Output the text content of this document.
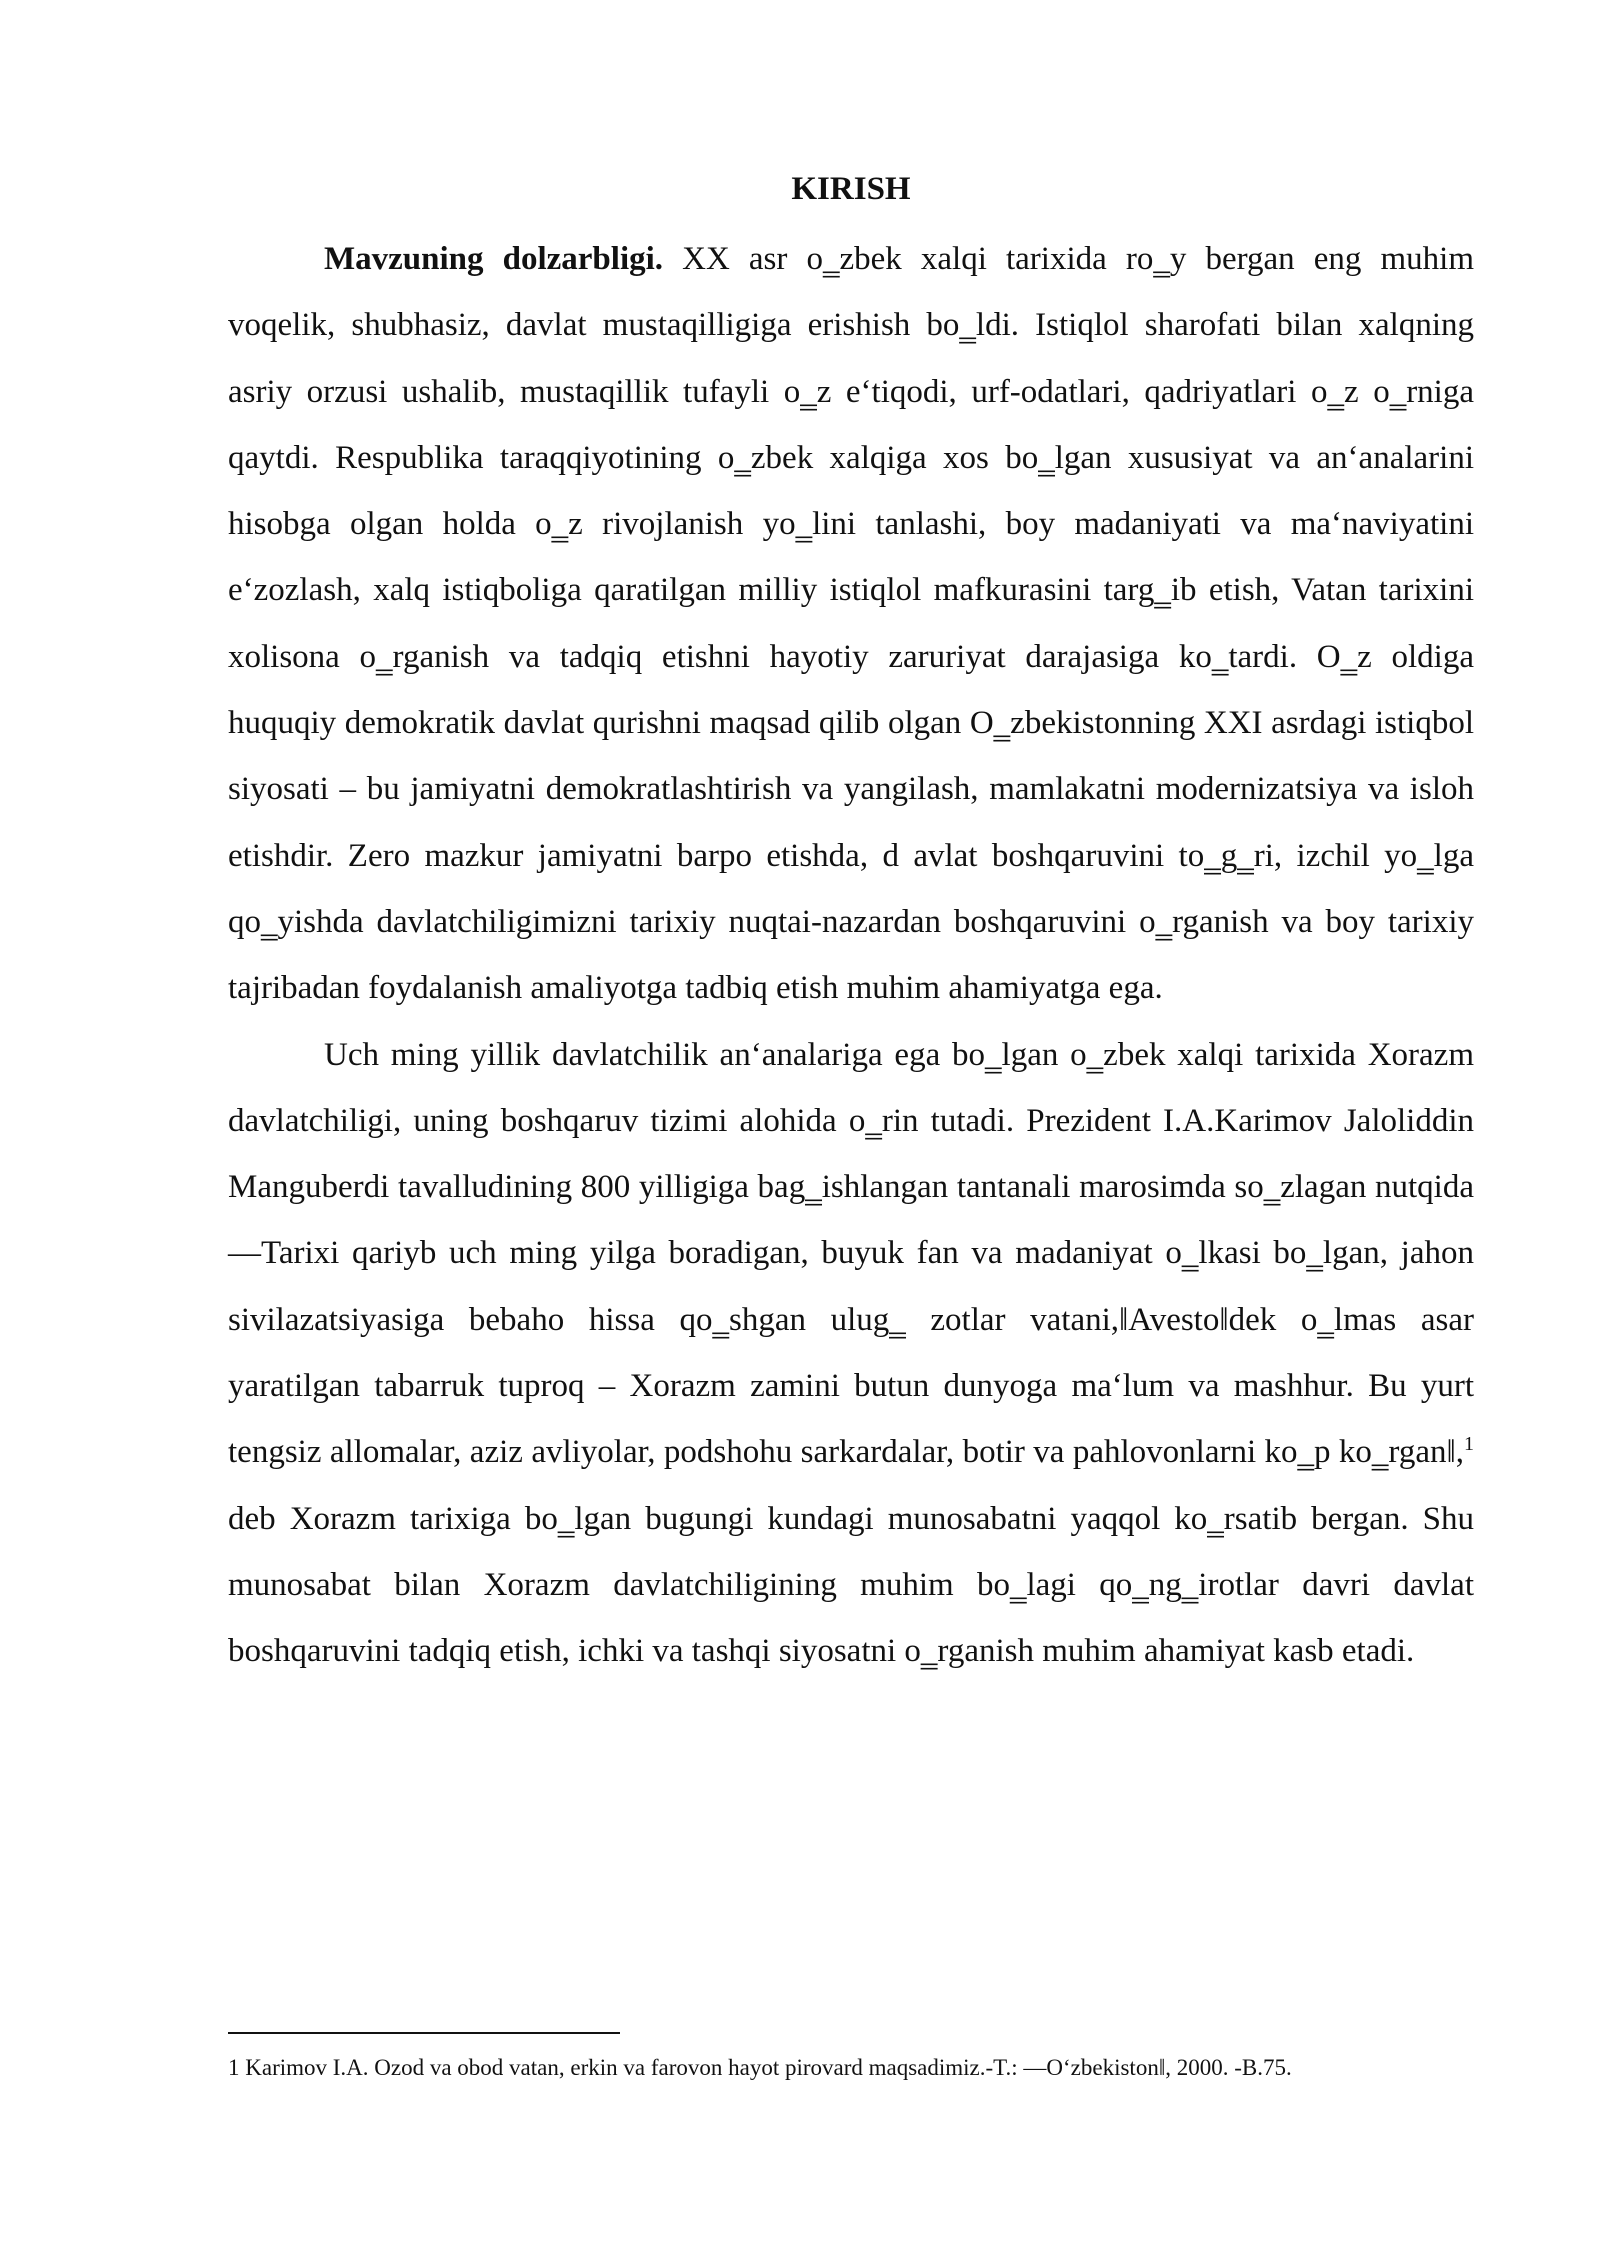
KIRISH

Mavzuning dolzarbligi. XX asr o‗zbek xalqi tarixida ro‗y bergan eng muhim voqelik, shubhasiz, davlat mustaqilligiga erishish bo‗ldi. Istiqlol sharofati bilan xalqning asriy orzusi ushalib, mustaqillik tufayli o‗z e‘tiqodi, urf-odatlari, qadriyatlari o‗z o‗rniga qaytdi. Respublika taraqqiyotining o‗zbek xalqiga xos bo‗lgan xususiyat va an‘analarini hisobga olgan holda o‗z rivojlanish yo‗lini tanlashi, boy madaniyati va ma‘naviyatini e‘zozlash, xalq istiqboliga qaratilgan milliy istiqlol mafkurasini targ‗ib etish, Vatan tarixini xolisona o‗rganish va tadqiq etishni hayotiy zaruriyat darajasiga ko‗tardi. O‗z oldiga huquqiy demokratik davlat qurishni maqsad qilib olgan O‗zbekistonning XXI asrdagi istiqbol siyosati – bu jamiyatni demokratlashtirish va yangilash, mamlakatni modernizatsiya va isloh etishdir. Zero mazkur jamiyatni barpo etishda, d avlat boshqaruvini to‗g‗ri, izchil yo‗lga qo‗yishda davlatchiligimizni tarixiy nuqtai-nazardan boshqaruvini o‗rganish va boy tarixiy tajribadan foydalanish amaliyotga tadbiq etish muhim ahamiyatga ega.

Uch ming yillik davlatchilik an‘analariga ega bo‗lgan o‗zbek xalqi tarixida Xorazm davlatchiligi, uning boshqaruv tizimi alohida o‗rin tutadi. Prezident I.A.Karimov Jaloliddin Manguberdi tavalludining 800 yilligiga bag‗ishlangan tantanali marosimda so‗zlagan nutqida ―Tarixi qariyb uch ming yilga boradigan, buyuk fan va madaniyat o‗lkasi bo‗lgan, jahon sivilazatsiyasiga bebaho hissa qo‗shgan ulug‗ zotlar vatani,‖Avesto‖dek o‗lmas asar yaratilgan tabarruk tuproq – Xorazm zamini butun dunyoga ma‘lum va mashhur. Bu yurt tengsiz allomalar, aziz avliyolar, podshohu sarkardalar, botir va pahlovonlarni ko‗p ko‗rgan‖,$^1$ deb Xorazm tarixiga bo‗lgan bugungi kundagi munosabatni yaqqol ko‗rsatib bergan. Shu munosabat bilan Xorazm davlatchiligining muhim bo‗lagi qo‗ng‗irotlar davri davlat boshqaruvini tadqiq etish, ichki va tashqi siyosatni o‗rganish muhim ahamiyat kasb etadi.

1 Karimov I.A. Ozod va obod vatan, erkin va farovon hayot pirovard maqsadimiz.-T.: ―O‘zbekiston‖, 2000. -B.75.
